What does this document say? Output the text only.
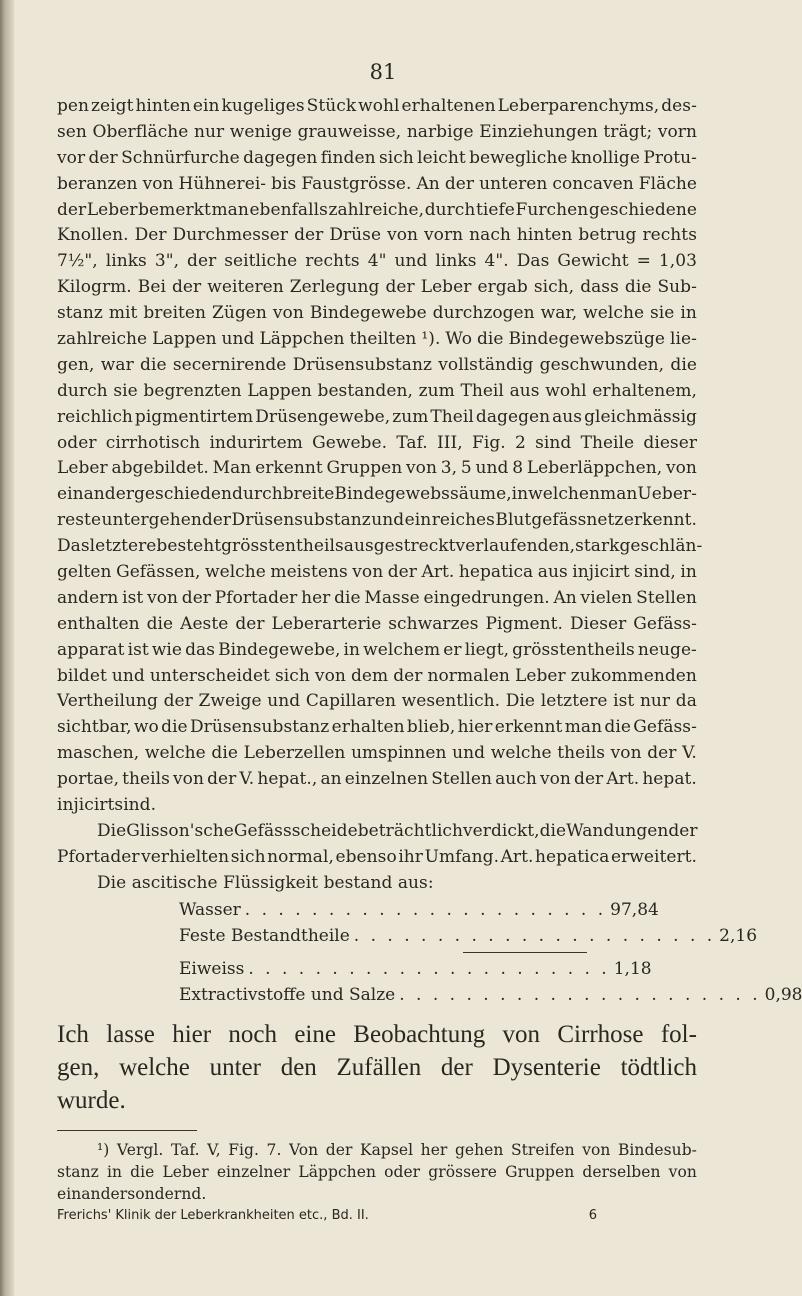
81
pen zeigt hinten ein kugeliges Stück wohl erhaltenen Leberparenchyms, des-
sen Oberfläche nur wenige grauweisse, narbige Einziehungen trägt; vorn
vor der Schnürfurche dagegen finden sich leicht bewegliche knollige Protu-
beranzen von Hühnerei- bis Faustgrösse. An der unteren concaven Fläche
der Leber bemerkt man ebenfalls zahlreiche, durch tiefe Furchen geschiedene
Knollen. Der Durchmesser der Drüse von vorn nach hinten betrug rechts
7½", links 3", der seitliche rechts 4" und links 4". Das Gewicht = 1,03
Kilogrm. Bei der weiteren Zerlegung der Leber ergab sich, dass die Sub-
stanz mit breiten Zügen von Bindegewebe durchzogen war, welche sie in
zahlreiche Lappen und Läppchen theilten ¹). Wo die Bindegewebszüge lie-
gen, war die secernirende Drüsensubstanz vollständig geschwunden, die
durch sie begrenzten Lappen bestanden, zum Theil aus wohl erhaltenem,
reichlich pigmentirtem Drüsengewebe, zum Theil dagegen aus gleichmässig
oder cirrhotisch indurirtem Gewebe. Taf. III, Fig. 2 sind Theile dieser
Leber abgebildet. Man erkennt Gruppen von 3, 5 und 8 Leberläppchen, von
einander geschieden durch breite Bindegewebssäume, in welchen man Ueber-
reste untergehender Drüsensubstanz und ein reiches Blutgefässnetz erkennt.
Das letztere besteht grösstentheils aus gestreckt verlaufenden, stark geschlän-
gelten Gefässen, welche meistens von der Art. hepatica aus injicirt sind, in
andern ist von der Pfortader her die Masse eingedrungen. An vielen Stellen
enthalten die Aeste der Leberarterie schwarzes Pigment. Dieser Gefäss-
apparat ist wie das Bindegewebe, in welchem er liegt, grösstentheils neuge-
bildet und unterscheidet sich von dem der normalen Leber zukommenden
Vertheilung der Zweige und Capillaren wesentlich. Die letztere ist nur da
sichtbar, wo die Drüsensubstanz erhalten blieb, hier erkennt man die Gefäss-
maschen, welche die Leberzellen umspinnen und welche theils von der V.
portae, theils von der V. hepat., an einzelnen Stellen auch von der Art. hepat.
injicirt sind.
Die Glisson'sche Gefässscheide beträchtlich verdickt, die Wandungen der
Pfortader verhielten sich normal, ebenso ihr Umfang. Art. hepatica erweitert.
Die ascitische Flüssigkeit bestand aus:
Wasser . . . . . . . . . . . . . . . . . . . . . . 97,84
Feste Bestandtheile . . . . . . . . . . . . . . . . . . . . . . 2,16
Eiweiss . . . . . . . . . . . . . . . . . . . . . . 1,18
Extractivstoffe und Salze . . . . . . . . . . . . . . . . . . . . . . 0,98
Ich lasse hier noch eine Beobachtung von Cirrhose fol-
gen, welche unter den Zufällen der Dysenterie tödtlich
wurde.
¹) Vergl. Taf. V, Fig. 7. Von der Kapsel her gehen Streifen von Bindesub-
stanz in die Leber einzelner Läppchen oder grössere Gruppen derselben von
einander sondernd.
Frerichs' Klinik der Leberkrankheiten etc., Bd. II.	6
